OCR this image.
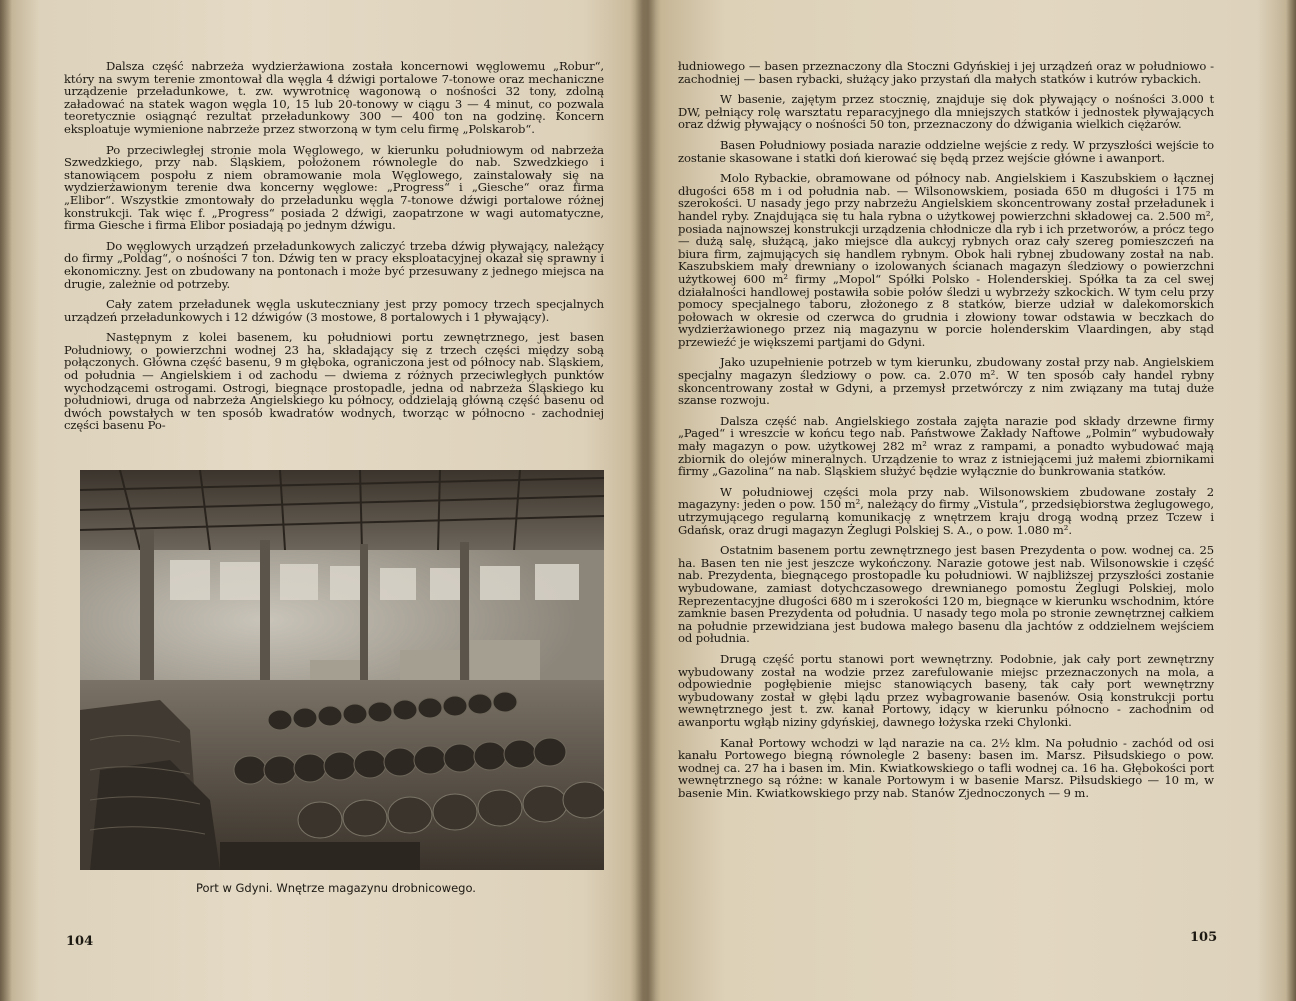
Dalsza część nabrzeża wydzierżawiona została koncernowi węglowemu „Robur“, który na swym terenie zmontował dla węgla 4 dźwigi portalowe 7-tonowe oraz mechaniczne urządzenie przeładunkowe, t. zw. wywrotnicę wagonową o nośności 32 tony, zdolną załadować na statek wagon węgla 10, 15 lub 20-tonowy w ciągu 3 — 4 minut, co pozwala teoretycznie osiągnąć rezultat przeładunkowy 300 — 400 ton na godzinę. Koncern eksploatuje wymienione nabrzeże przez stworzoną w tym celu firmę „Polskarob“.

Po przeciwległej stronie mola Węglowego, w kierunku południowym od nabrzeża Szwedzkiego, przy nab. Śląskiem, położonem równolegle do nab. Szwedzkiego i stanowiącem pospołu z niem obramowanie mola Węglowego, zainstalowały się na wydzierżawionym terenie dwa koncerny węglowe: „Progress“ i „Giesche“ oraz firma „Elibor“. Wszystkie zmontowały do przeładunku węgla 7-tonowe dźwigi portalowe różnej konstrukcji. Tak więc f. „Progress“ posiada 2 dźwigi, zaopatrzone w wagi automatyczne, firma Giesche i firma Elibor posiadają po jednym dźwigu.

Do węglowych urządzeń przeładunkowych zaliczyć trzeba dźwig pływający, należący do firmy „Poldag“, o nośności 7 ton. Dźwig ten w pracy eksploatacyjnej okazał się sprawny i ekonomiczny. Jest on zbudowany na pontonach i może być przesuwany z jednego miejsca na drugie, zależnie od potrzeby.

Cały zatem przeładunek węgla uskuteczniany jest przy pomocy trzech specjalnych urządzeń przeładunkowych i 12 dźwigów (3 mostowe, 8 portalowych i 1 pływający).

Następnym z kolei basenem, ku południowi portu zewnętrznego, jest basen Południowy, o powierzchni wodnej 23 ha, składający się z trzech części między sobą połączonych. Główna część basenu, 9 m głęboka, ograniczona jest od północy nab. Śląskiem, od południa — Angielskiem i od zachodu — dwiema z różnych przeciwległych punktów wychodzącemi ostrogami. Ostrogi, biegnące prostopadle, jedna od nabrzeża Śląskiego ku południowi, druga od nabrzeża Angielskiego ku północy, oddzielają główną część basenu od dwóch powstałych w ten sposób kwadratów wodnych, tworząc w północno - zachodniej części basenu Po-

Port w Gdyni. Wnętrze magazynu drobnicowego.
104

łudniowego — basen przeznaczony dla Stoczni Gdyńskiej i jej urządzeń oraz w południowo - zachodniej — basen rybacki, służący jako przystań dla małych statków i kutrów rybackich.

W basenie, zajętym przez stocznię, znajduje się dok pływający o nośności 3.000 t DW, pełniący rolę warsztatu reparacyjnego dla mniejszych statków i jednostek pływających oraz dźwig pływający o nośności 50 ton, przeznaczony do dźwigania wielkich ciężarów.

Basen Południowy posiada narazie oddzielne wejście z redy. W przyszłości wejście to zostanie skasowane i statki doń kierować się będą przez wejście główne i awanport.

Molo Rybackie, obramowane od północy nab. Angielskiem i Kaszubskiem o łącznej długości 658 m i od południa nab. — Wilsonowskiem, posiada 650 m długości i 175 m szerokości. U nasady jego przy nabrzeżu Angielskiem skoncentrowany został przeładunek i handel ryby. Znajdująca się tu hala rybna o użytkowej powierzchni składowej ca. 2.500 m², posiada najnowszej konstrukcji urządzenia chłodnicze dla ryb i ich przetworów, a prócz tego — dużą salę, służącą, jako miejsce dla aukcyj rybnych oraz cały szereg pomieszczeń na biura firm, zajmujących się handlem rybnym. Obok hali rybnej zbudowany został na nab. Kaszubskiem mały drewniany o izolowanych ścianach magazyn śledziowy o powierzchni użytkowej 600 m² firmy „Mopol“ Spółki Polsko - Holenderskiej. Spółka ta za cel swej działalności handlowej postawiła sobie połów śledzi u wybrzeży szkockich. W tym celu przy pomocy specjalnego taboru, złożonego z 8 statków, bierze udział w dalekomorskich połowach w okresie od czerwca do grudnia i złowiony towar odstawia w beczkach do wydzierżawionego przez nią magazynu w porcie holenderskim Vlaardingen, aby stąd przewieźć je większemi partjami do Gdyni.

Jako uzupełnienie potrzeb w tym kierunku, zbudowany został przy nab. Angielskiem specjalny magazyn śledziowy o pow. ca. 2.070 m². W ten sposób cały handel rybny skoncentrowany został w Gdyni, a przemysł przetwórczy z nim związany ma tutaj duże szanse rozwoju.

Dalsza część nab. Angielskiego została zajęta narazie pod składy drzewne firmy „Paged“ i wreszcie w końcu tego nab. Państwowe Zakłady Naftowe „Polmin“ wybudowały mały magazyn o pow. użytkowej 282 m² wraz z rampami, a ponadto wybudować mają zbiornik do olejów mineralnych. Urządzenie to wraz z istniejącemi już małemi zbiornikami firmy „Gazolina“ na nab. Śląskiem służyć będzie wyłącznie do bunkrowania statków.

W południowej części mola przy nab. Wilsonowskiem zbudowane zostały 2 magazyny: jeden o pow. 150 m², należący do firmy „Vistula“, przedsiębiorstwa żeglugowego, utrzymującego regularną komunikację z wnętrzem kraju drogą wodną przez Tczew i Gdańsk, oraz drugi magazyn Żeglugi Polskiej S. A., o pow. 1.080 m².

Ostatnim basenem portu zewnętrznego jest basen Prezydenta o pow. wodnej ca. 25 ha. Basen ten nie jest jeszcze wykończony. Narazie gotowe jest nab. Wilsonowskie i część nab. Prezydenta, biegnącego prostopadle ku południowi. W najbliższej przyszłości zostanie wybudowane, zamiast dotychczasowego drewnianego pomostu Żeglugi Polskiej, molo Reprezentacyjne długości 680 m i szerokości 120 m, biegnące w kierunku wschodnim, które zamknie basen Prezydenta od południa. U nasady tego mola po stronie zewnętrznej całkiem na południe przewidziana jest budowa małego basenu dla jachtów z oddzielnem wejściem od południa.

Drugą część portu stanowi port wewnętrzny. Podobnie, jak cały port zewnętrzny wybudowany został na wodzie przez zarefulowanie miejsc przeznaczonych na mola, a odpowiednie pogłębienie miejsc stanowiących baseny, tak cały port wewnętrzny wybudowany został w głębi lądu przez wybagrowanie basenów. Osią konstrukcji portu wewnętrznego jest t. zw. kanał Portowy, idący w kierunku północno - zachodnim od awanportu wgłąb niziny gdyńskiej, dawnego łożyska rzeki Chylonki.

Kanał Portowy wchodzi w ląd narazie na ca. 2½ klm. Na południo - zachód od osi kanału Portowego biegną równolegle 2 baseny: basen im. Marsz. Piłsudskiego o pow. wodnej ca. 27 ha i basen im. Min. Kwiatkowskiego o tafli wodnej ca. 16 ha. Głębokości port wewnętrznego są różne: w kanale Portowym i w basenie Marsz. Piłsudskiego — 10 m, w basenie Min. Kwiatkowskiego przy nab. Stanów Zjednoczonych — 9 m.

105
